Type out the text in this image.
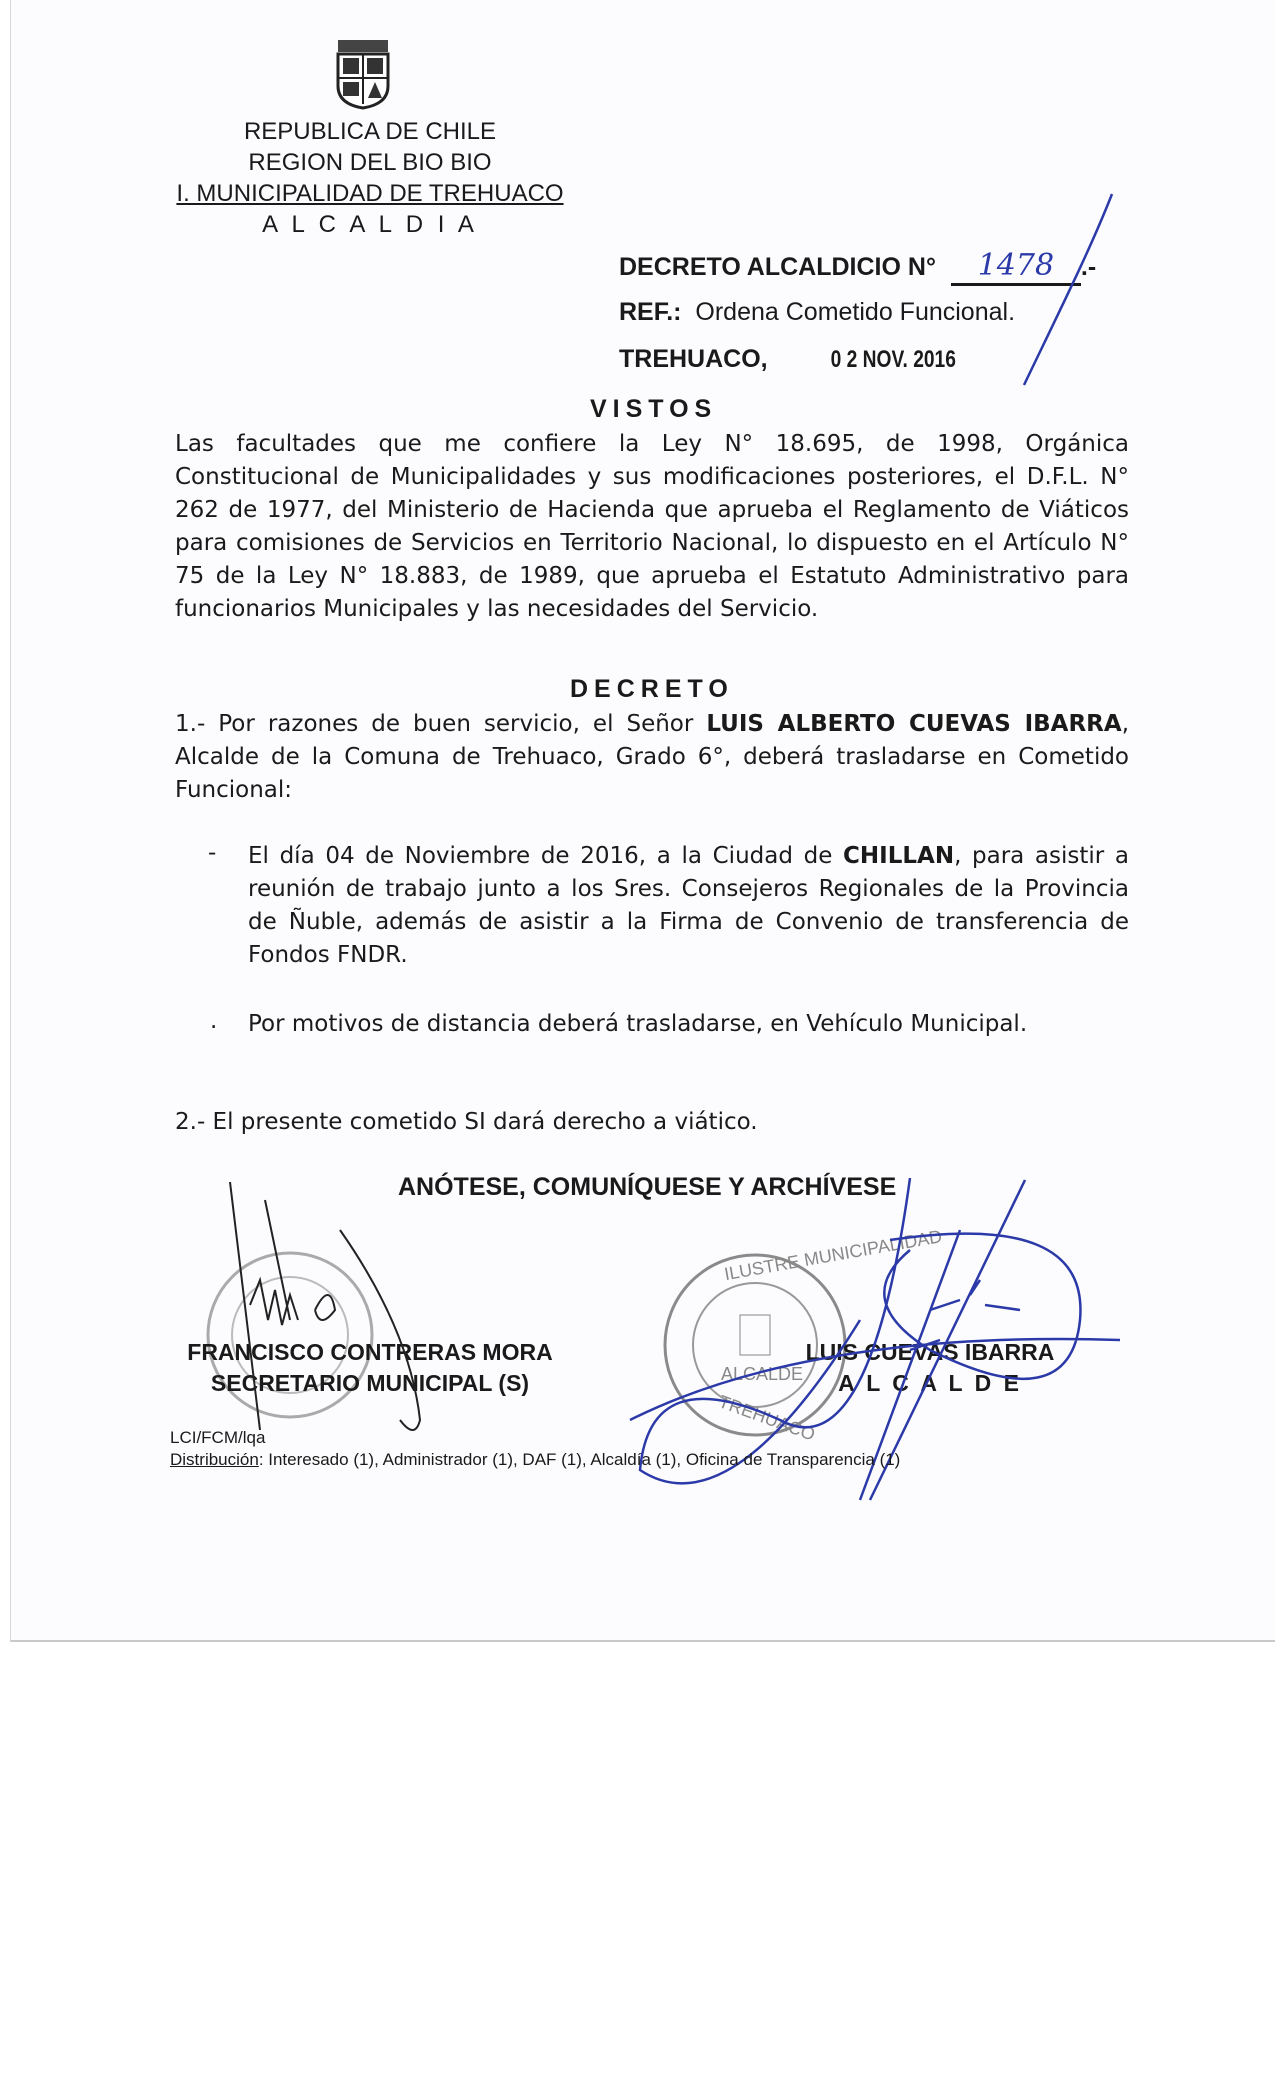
REPUBLICA DE CHILE
REGION DEL BIO BIO
I. MUNICIPALIDAD DE TREHUACO
A L C A L D I A
DECRETO ALCALDICIO N° 1478 .-
REF.: Ordena Cometido Funcional.
TREHUACO,	0 2 NOV. 2016
VISTOS
Las facultades que me confiere la Ley N° 18.695, de 1998, Orgánica Constitucional de Municipalidades y sus modificaciones posteriores, el D.F.L. N° 262 de 1977, del Ministerio de Hacienda que aprueba el Reglamento de Viáticos para comisiones de Servicios en Territorio Nacional, lo dispuesto en el Artículo N° 75 de la Ley N° 18.883, de 1989, que aprueba el Estatuto Administrativo para funcionarios Municipales y las necesidades del Servicio.
DECRETO
1.- Por razones de buen servicio, el Señor LUIS ALBERTO CUEVAS IBARRA, Alcalde de la Comuna de Trehuaco, Grado 6°, deberá trasladarse en Cometido Funcional:
- El día 04 de Noviembre de 2016, a la Ciudad de CHILLAN, para asistir a reunión de trabajo junto a los Sres. Consejeros Regionales de la Provincia de Ñuble, además de asistir a la Firma de Convenio de transferencia de Fondos FNDR.
. Por motivos de distancia deberá trasladarse, en Vehículo Municipal.
2.- El presente cometido SI dará derecho a viático.
ANÓTESE, COMUNÍQUESE Y ARCHÍVESE
ILUSTRE MUNICIPALIDAD
ALCALDE
TREHUACO
FRANCISCO CONTRERAS MORA
SECRETARIO MUNICIPAL (S)
LUIS CUEVAS IBARRA
A L C A L D E
LCI/FCM/lqa
Distribución: Interesado (1), Administrador (1), DAF (1), Alcaldía (1), Oficina de Transparencia (1)
